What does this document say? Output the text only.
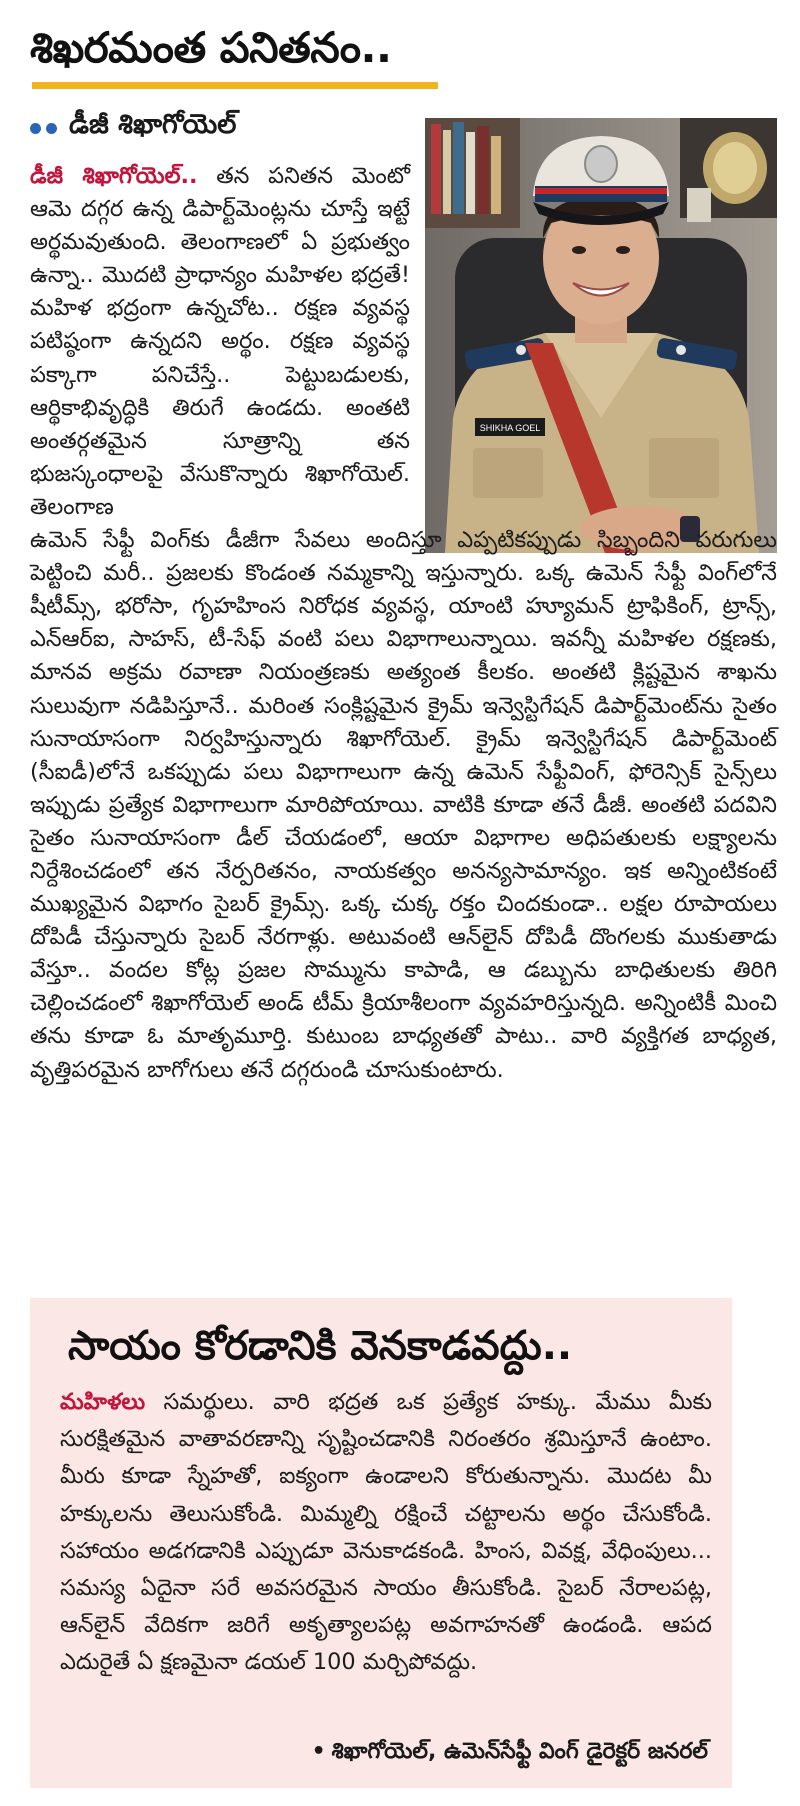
శిఖరమంత పనితనం..
డీజీ శిఖాగోయెల్
SHIKHA GOEL

డీజీ శిఖాగోయెల్.. తన పనితన మెంటో ఆమె దగ్గర ఉన్న డిపార్ట్‌మెంట్లను చూస్తే ఇట్టే అర్థమవుతుంది. తెలంగాణలో ఏ ప్రభుత్వం ఉన్నా.. మొదటి ప్రాధాన్యం మహిళల భద్రతే! మహిళ భద్రంగా ఉన్నచోట.. రక్షణ వ్యవస్థ పటిష్ఠంగా ఉన్నదని అర్థం. రక్షణ వ్యవస్థ పక్కాగా పనిచేస్తే.. పెట్టుబడులకు, ఆర్థికాభివృద్ధికి తిరుగే ఉండదు. అంతటి అంతర్గతమైన సూత్రాన్ని తన భుజస్కంధాలపై వేసుకొన్నారు శిఖాగోయెల్. తెలంగాణ

ఉమెన్ సేఫ్టీ వింగ్‌కు డీజీగా సేవలు అందిస్తూ ఎప్పటికప్పుడు సిబ్బందిని పరుగులు పెట్టించి మరీ.. ప్రజలకు కొండంత నమ్మకాన్ని ఇస్తున్నారు. ఒక్క ఉమెన్ సేఫ్టీ వింగ్‌లోనే షీటీమ్స్, భరోసా, గృహహింస నిరోధక వ్యవస్థ, యాంటి హ్యూమన్ ట్రాఫికింగ్, ట్రాన్స్, ఎన్ఆర్ఐ, సాహస్, టీ-సేఫ్ వంటి పలు విభాగాలున్నాయి. ఇవన్నీ మహిళల రక్షణకు, మానవ అక్రమ రవాణా నియంత్రణకు అత్యంత కీలకం. అంతటి క్లిష్టమైన శాఖను సులువుగా నడిపిస్తూనే.. మరింత సంక్లిష్టమైన క్రైమ్ ఇన్వెస్టిగేషన్ డిపార్ట్‌మెంట్‌ను సైతం సునాయాసంగా నిర్వహిస్తున్నారు శిఖాగోయెల్. క్రైమ్ ఇన్వెస్టిగేషన్ డిపార్ట్‌మెంట్ (సీఐడీ)లోనే ఒకప్పుడు పలు విభాగాలుగా ఉన్న ఉమెన్ సేఫ్టీవింగ్, ఫోరెన్సిక్ సైన్స్‌లు ఇప్పుడు ప్రత్యేక విభాగాలుగా మారిపోయాయి. వాటికి కూడా తనే డీజీ. అంతటి పదవిని సైతం సునాయాసంగా డీల్ చేయడంలో, ఆయా విభాగాల అధిపతులకు లక్ష్యాలను నిర్దేశించడంలో తన నేర్పరితనం, నాయకత్వం అనన్యసామాన్యం. ఇక అన్నింటికంటే ముఖ్యమైన విభాగం సైబర్ క్రైమ్స్. ఒక్క చుక్క రక్తం చిందకుండా.. లక్షల రూపాయలు దోపిడీ చేస్తున్నారు సైబర్ నేరగాళ్లు. అటువంటి ఆన్‌లైన్ దోపిడీ దొంగలకు ముకుతాడు వేస్తూ.. వందల కోట్ల ప్రజల సొమ్మును కాపాడి, ఆ డబ్బును బాధితులకు తిరిగి చెల్లించడంలో శిఖాగోయెల్ అండ్ టీమ్ క్రియాశీలంగా వ్యవహరిస్తున్నది. అన్నింటికీ మించి తను కూడా ఓ మాతృమూర్తి. కుటుంబ బాధ్యతతో పాటు.. వారి వ్యక్తిగత బాధ్యత, వృత్తిపరమైన బాగోగులు తనే దగ్గరుండి చూసుకుంటారు.

సాయం కోరడానికి వెనకాడవద్దు..

మహిళలు సమర్థులు. వారి భద్రత ఒక ప్రత్యేక హక్కు. మేము మీకు సురక్షితమైన వాతావరణాన్ని సృష్టించడానికి నిరంతరం శ్రమిస్తూనే ఉంటాం. మీరు కూడా స్నేహతో, ఐక్యంగా ఉండాలని కోరుతున్నాను. మొదట మీ హక్కులను తెలుసుకోండి. మిమ్మల్ని రక్షించే చట్టాలను అర్థం చేసుకోండి. సహాయం అడగడానికి ఎప్పుడూ వెనుకాడకండి. హింస, వివక్ష, వేధింపులు... సమస్య ఏదైనా సరే అవసరమైన సాయం తీసుకోండి. సైబర్ నేరాలపట్ల, ఆన్‌లైన్ వేదికగా జరిగే అకృత్యాలపట్ల అవగాహనతో ఉండండి. ఆపద ఎదురైతే ఏ క్షణమైనా డయల్ 100 మర్చిపోవద్దు.

• శిఖాగోయెల్, ఉమెన్‌సేఫ్టీ వింగ్ డైరెక్టర్ జనరల్
